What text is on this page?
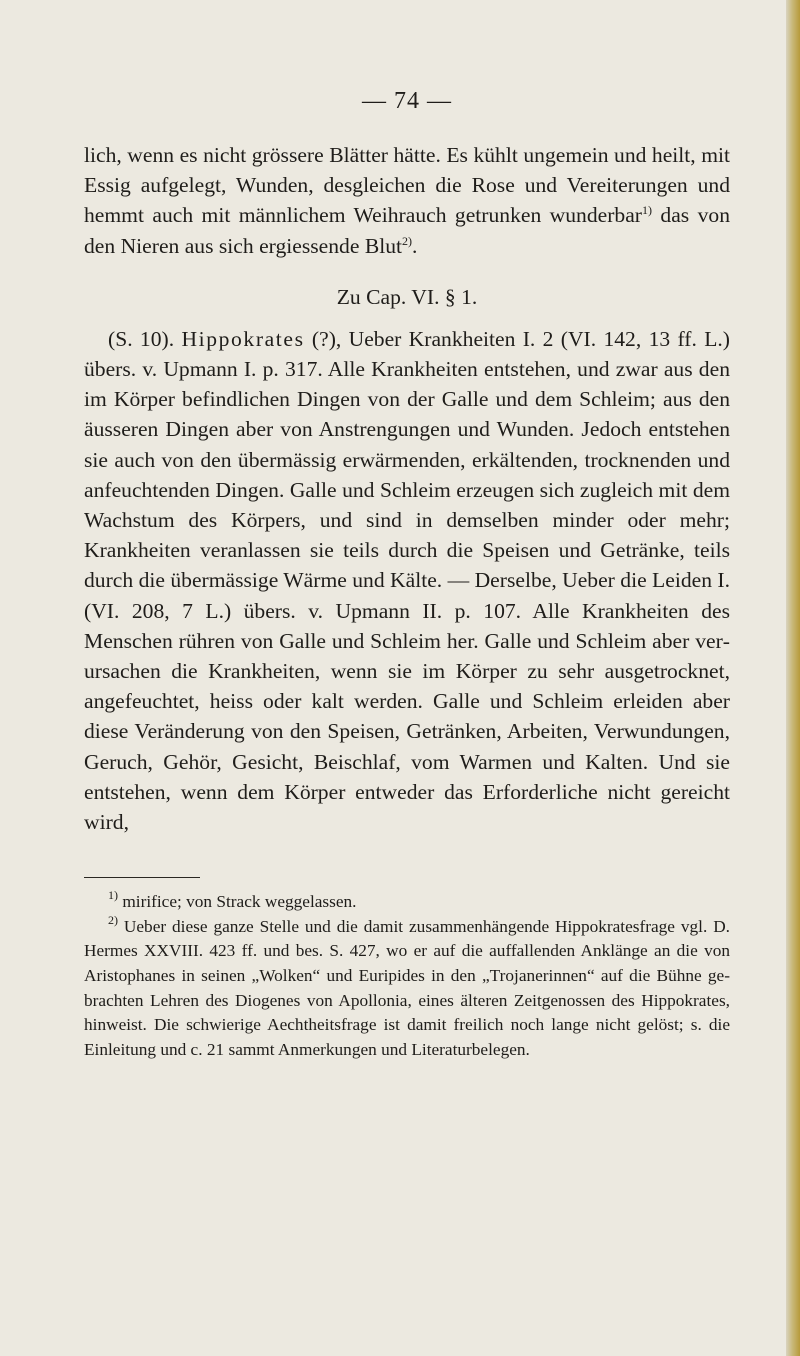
— 74 —

lich, wenn es nicht grössere Blätter hätte. Es kühlt ungemein und heilt, mit Essig aufgelegt, Wunden, desgleichen die Rose und Vereiterungen und hemmt auch mit männlichem Weihrauch getrunken wunderbar$^{1)}$ das von den Nieren aus sich ergiessende Blut$^{2)}$.

Zu Cap. VI. § 1.

(S. 10). Hippokrates (?), Ueber Krankheiten I. 2 (VI. 142, 13 ff. L.) übers. v. Upmann I. p. 317. Alle Krankheiten entstehen, und zwar aus den im Körper befindlichen Dingen von der Galle und dem Schleim; aus den äusseren Dingen aber von Anstrengungen und Wunden. Jedoch entstehen sie auch von den übermässig erwärmenden, erkältenden, trocknenden und anfeuchtenden Dingen. Galle und Schleim erzeugen sich zugleich mit dem Wachstum des Körpers, und sind in demselben minder oder mehr; Krankheiten veranlassen sie teils durch die Speisen und Getränke, teils durch die übermässige Wärme und Kälte. — Derselbe, Ueber die Leiden I. (VI. 208, 7 L.) übers. v. Upmann II. p. 107. Alle Krankheiten des Menschen rühren von Galle und Schleim her. Galle und Schleim aber verursachen die Krankheiten, wenn sie im Körper zu sehr ausgetrocknet, angefeuchtet, heiss oder kalt werden. Galle und Schleim erleiden aber diese Veränderung von den Speisen, Getränken, Arbeiten, Verwundungen, Geruch, Gehör, Gesicht, Beischlaf, vom Warmen und Kalten. Und sie entstehen, wenn dem Körper entweder das Erforderliche nicht gereicht wird,

$^{1)}$ mirifice; von Strack weggelassen.

$^{2)}$ Ueber diese ganze Stelle und die damit zusammenhängende Hippokratesfrage vgl. D. Hermes XXVIII. 423 ff. und bes. S. 427, wo er auf die auffallenden Anklänge an die von Aristophanes in seinen „Wolken“ und Euripides in den „Trojanerinnen“ auf die Bühne gebrachten Lehren des Diogenes von Apollonia, eines älteren Zeitgenossen des Hippokrates, hinweist. Die schwierige Aechtheitsfrage ist damit freilich noch lange nicht gelöst; s. die Einleitung und c. 21 sammt Anmerkungen und Literaturbelegen.
